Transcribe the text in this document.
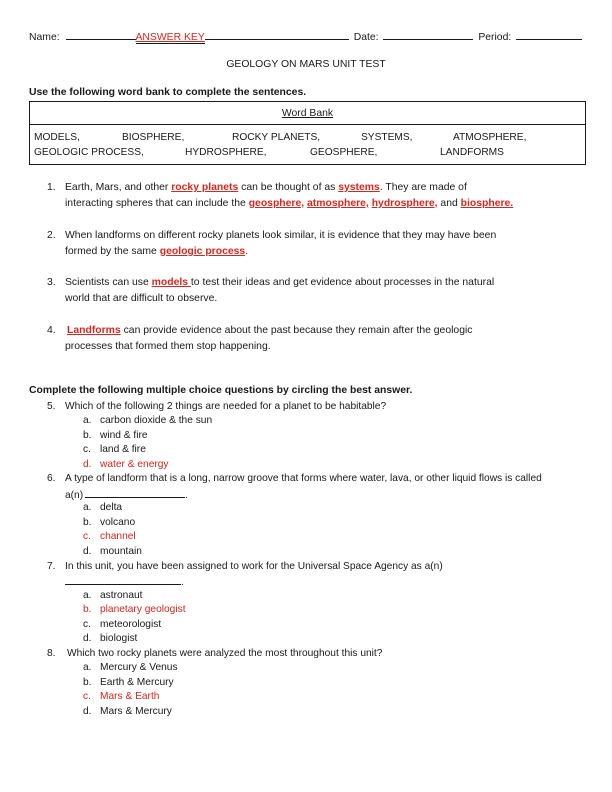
Name:	ANSWER KEY	Date:	Period:
GEOLOGY ON MARS UNIT TEST
Use the following word bank to complete the sentences.
Word Bank
MODELS,	BIOSPHERE,	ROCKY PLANETS,	SYSTEMS,	ATMOSPHERE,
GEOLOGIC PROCESS,	HYDROSPHERE,	GEOSPHERE,	LANDFORMS
1. Earth, Mars, and other rocky planets can be thought of as systems. They are made of
interacting spheres that can include the geosphere, atmosphere, hydrosphere, and biosphere.
2. When landforms on different rocky planets look similar, it is evidence that they may have been
formed by the same geologic process.
3. Scientists can use models to test their ideas and get evidence about processes in the natural
world that are difficult to observe.
4. Landforms can provide evidence about the past because they remain after the geologic
processes that formed them stop happening.
Complete the following multiple choice questions by circling the best answer.
5. Which of the following 2 things are needed for a planet to be habitable?
a. carbon dioxide & the sun
b. wind & fire
c. land & fire
d. water & energy
6. A type of landform that is a long, narrow groove that forms where water, lava, or other liquid flows is called
a(n)	.
a. delta
b. volcano
c. channel
d. mountain
7. In this unit, you have been assigned to work for the Universal Space Agency as a(n)
.
a. astronaut
b. planetary geologist
c. meteorologist
d. biologist
8. Which two rocky planets were analyzed the most throughout this unit?
a. Mercury & Venus
b. Earth & Mercury
c. Mars & Earth
d. Mars & Mercury
